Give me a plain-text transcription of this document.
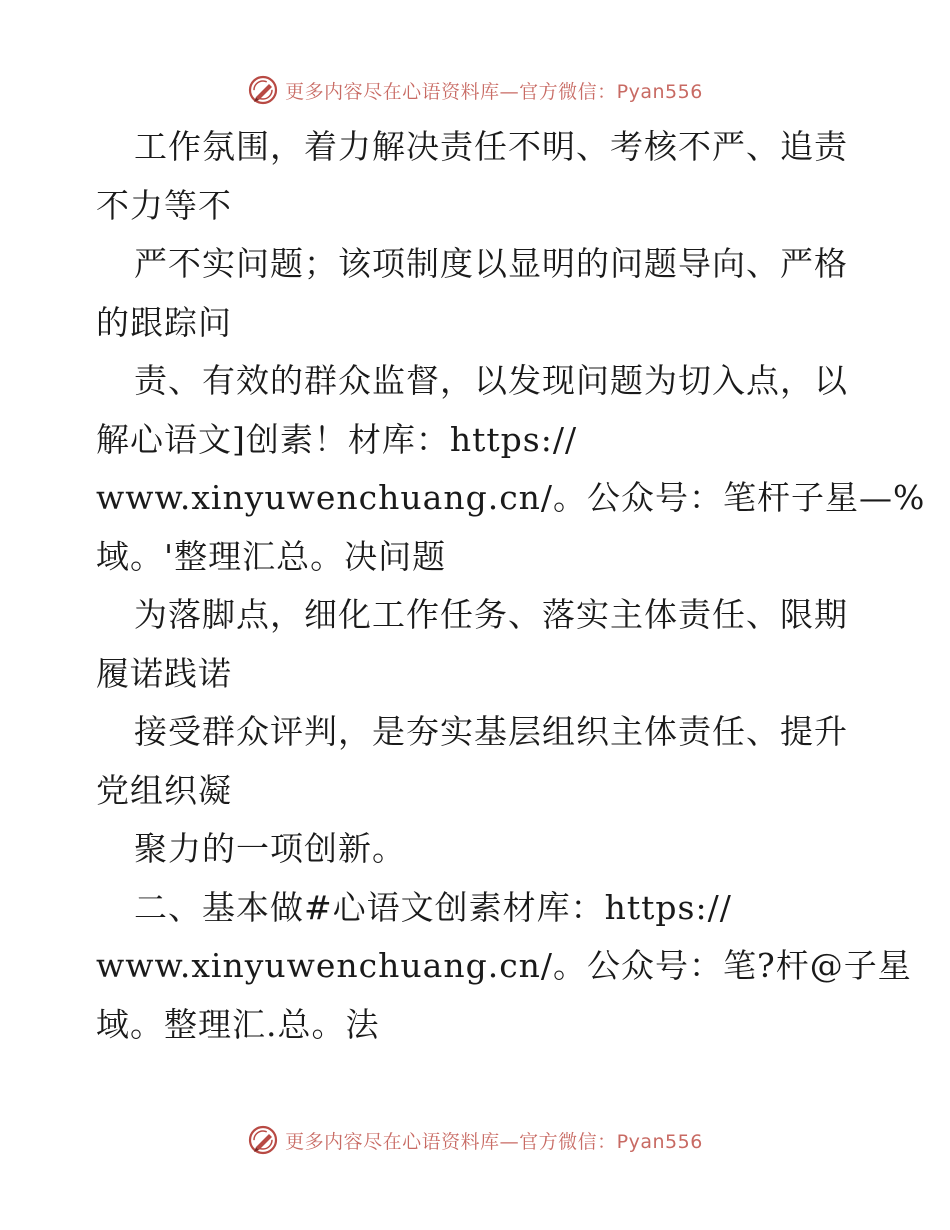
更多内容尽在心语资料库—官方微信：Pyan556
工作氛围，着力解决责任不明、考核不严、追责
不力等不
严不实问题；该项制度以显明的问题导向、严格
的跟踪问
责、有效的群众监督，以发现问题为切入点，以
解心语文]创素！材库：https://
www.xinyuwenchuang.cn/。公众号：笔杆子星—%
域。'整理汇总。决问题
为落脚点，细化工作任务、落实主体责任、限期
履诺践诺
接受群众评判，是夯实基层组织主体责任、提升
党组织凝
聚力的一项创新。
二、基本做#心语文创素材库：https://
www.xinyuwenchuang.cn/。公众号：笔?杆@子星
域。整理汇.总。法
更多内容尽在心语资料库—官方微信：Pyan556
